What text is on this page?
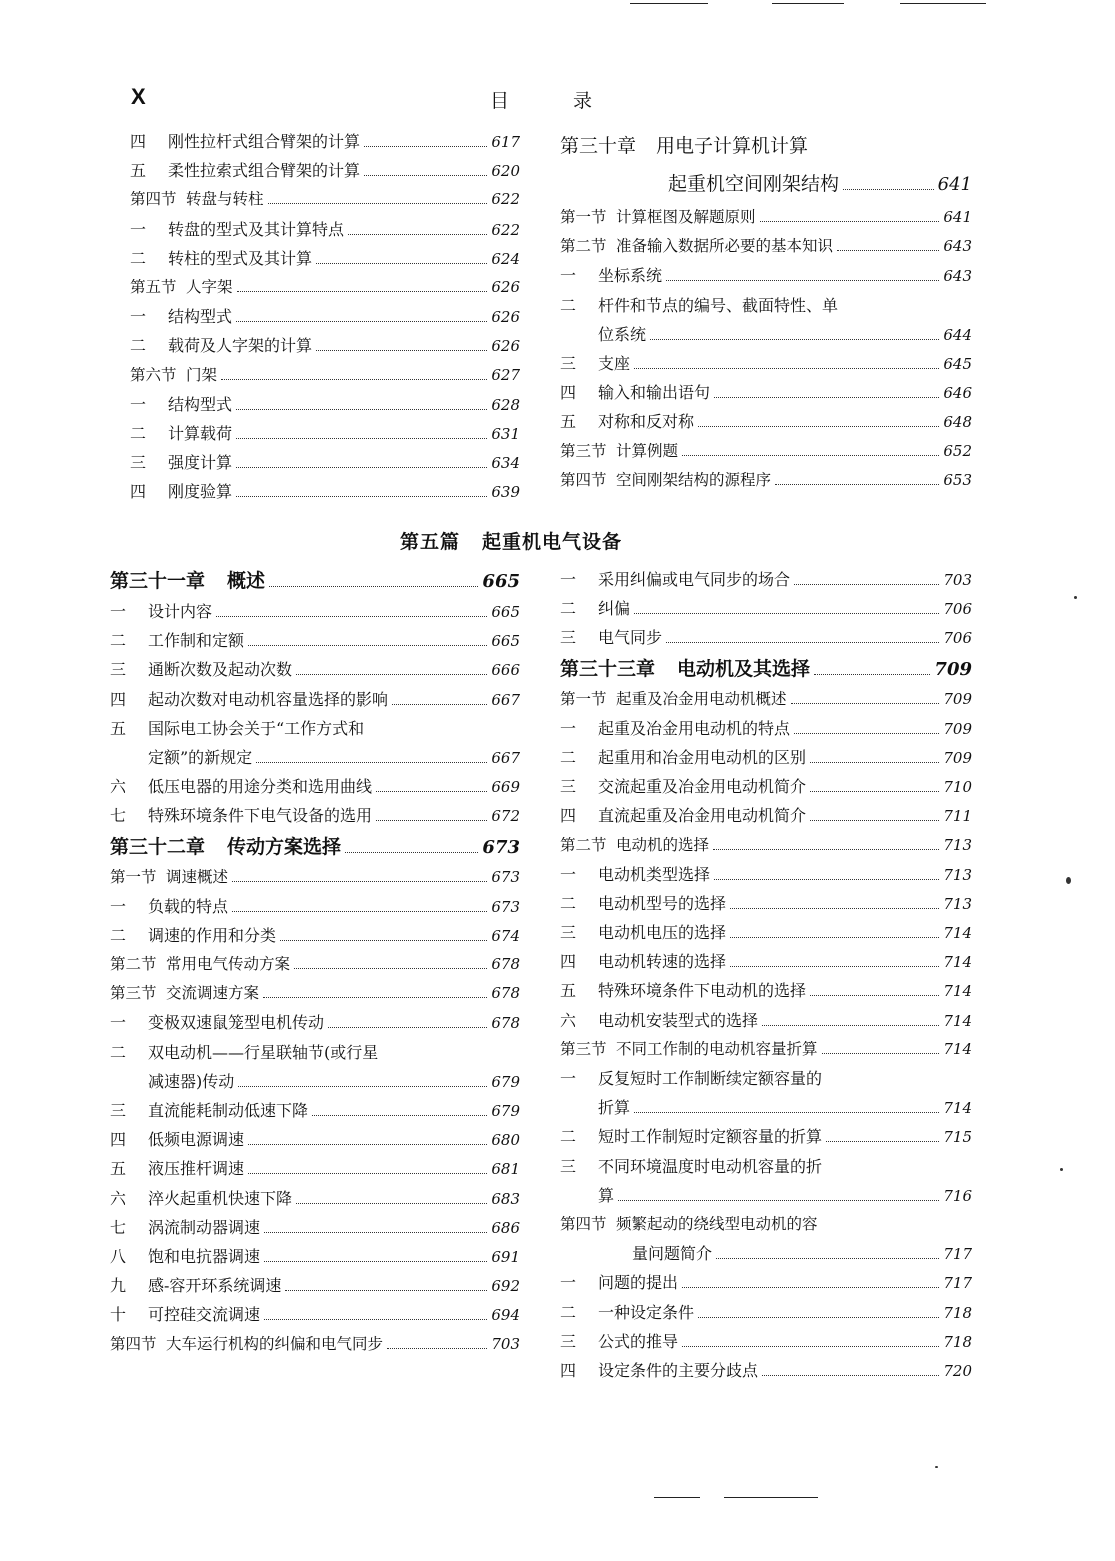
X	目	录
四	刚性拉杆式组合臂架的计算	617
五	柔性拉索式组合臂架的计算	620
第四节 转盘与转柱	622
一	转盘的型式及其计算特点	622
二	转柱的型式及其计算	624
第五节 人字架	626
一	结构型式	626
二	载荷及人字架的计算	626
第六节 门架	627
一	结构型式	628
二	计算载荷	631
三	强度计算	634
四	刚度验算	639
第三十章 用电子计算机计算
起重机空间刚架结构	641
第一节 计算框图及解题原则	641
第二节 准备输入数据所必要的基本知识	643
一	坐标系统	643
二	杆件和节点的编号、截面特性、单
位系统	644
三	支座	645
四	输入和输出语句	646
五	对称和反对称	648
第三节 计算例题	652
第四节 空间刚架结构的源程序	653
第五篇 起重机电气设备
第三十一章 概述	665
一	设计内容	665
二	工作制和定额	665
三	通断次数及起动次数	666
四	起动次数对电动机容量选择的影响	667
五	国际电工协会关于“工作方式和
定额”的新规定	667
六	低压电器的用途分类和选用曲线	669
七	特殊环境条件下电气设备的选用	672
第三十二章 传动方案选择	673
第一节 调速概述	673
一	负载的特点	673
二	调速的作用和分类	674
第二节 常用电气传动方案	678
第三节 交流调速方案	678
一	变极双速鼠笼型电机传动	678
二	双电动机——行星联轴节(或行星
减速器)传动	679
三	直流能耗制动低速下降	679
四	低频电源调速	680
五	液压推杆调速	681
六	淬火起重机快速下降	683
七	涡流制动器调速	686
八	饱和电抗器调速	691
九	感-容开环系统调速	692
十	可控硅交流调速	694
第四节 大车运行机构的纠偏和电气同步	703
一	采用纠偏或电气同步的场合	703
二	纠偏	706
三	电气同步	706
第三十三章 电动机及其选择	709
第一节 起重及冶金用电动机概述	709
一	起重及冶金用电动机的特点	709
二	起重用和冶金用电动机的区别	709
三	交流起重及冶金用电动机简介	710
四	直流起重及冶金用电动机简介	711
第二节 电动机的选择	713
一	电动机类型选择	713
二	电动机型号的选择	713
三	电动机电压的选择	714
四	电动机转速的选择	714
五	特殊环境条件下电动机的选择	714
六	电动机安装型式的选择	714
第三节 不同工作制的电动机容量折算	714
一	反复短时工作制断续定额容量的
折算	714
二	短时工作制短时定额容量的折算	715
三	不同环境温度时电动机容量的折
算	716
第四节 频繁起动的绕线型电动机的容
量问题简介	717
一	问题的提出	717
二	一种设定条件	718
三	公式的推导	718
四	设定条件的主要分歧点	720
